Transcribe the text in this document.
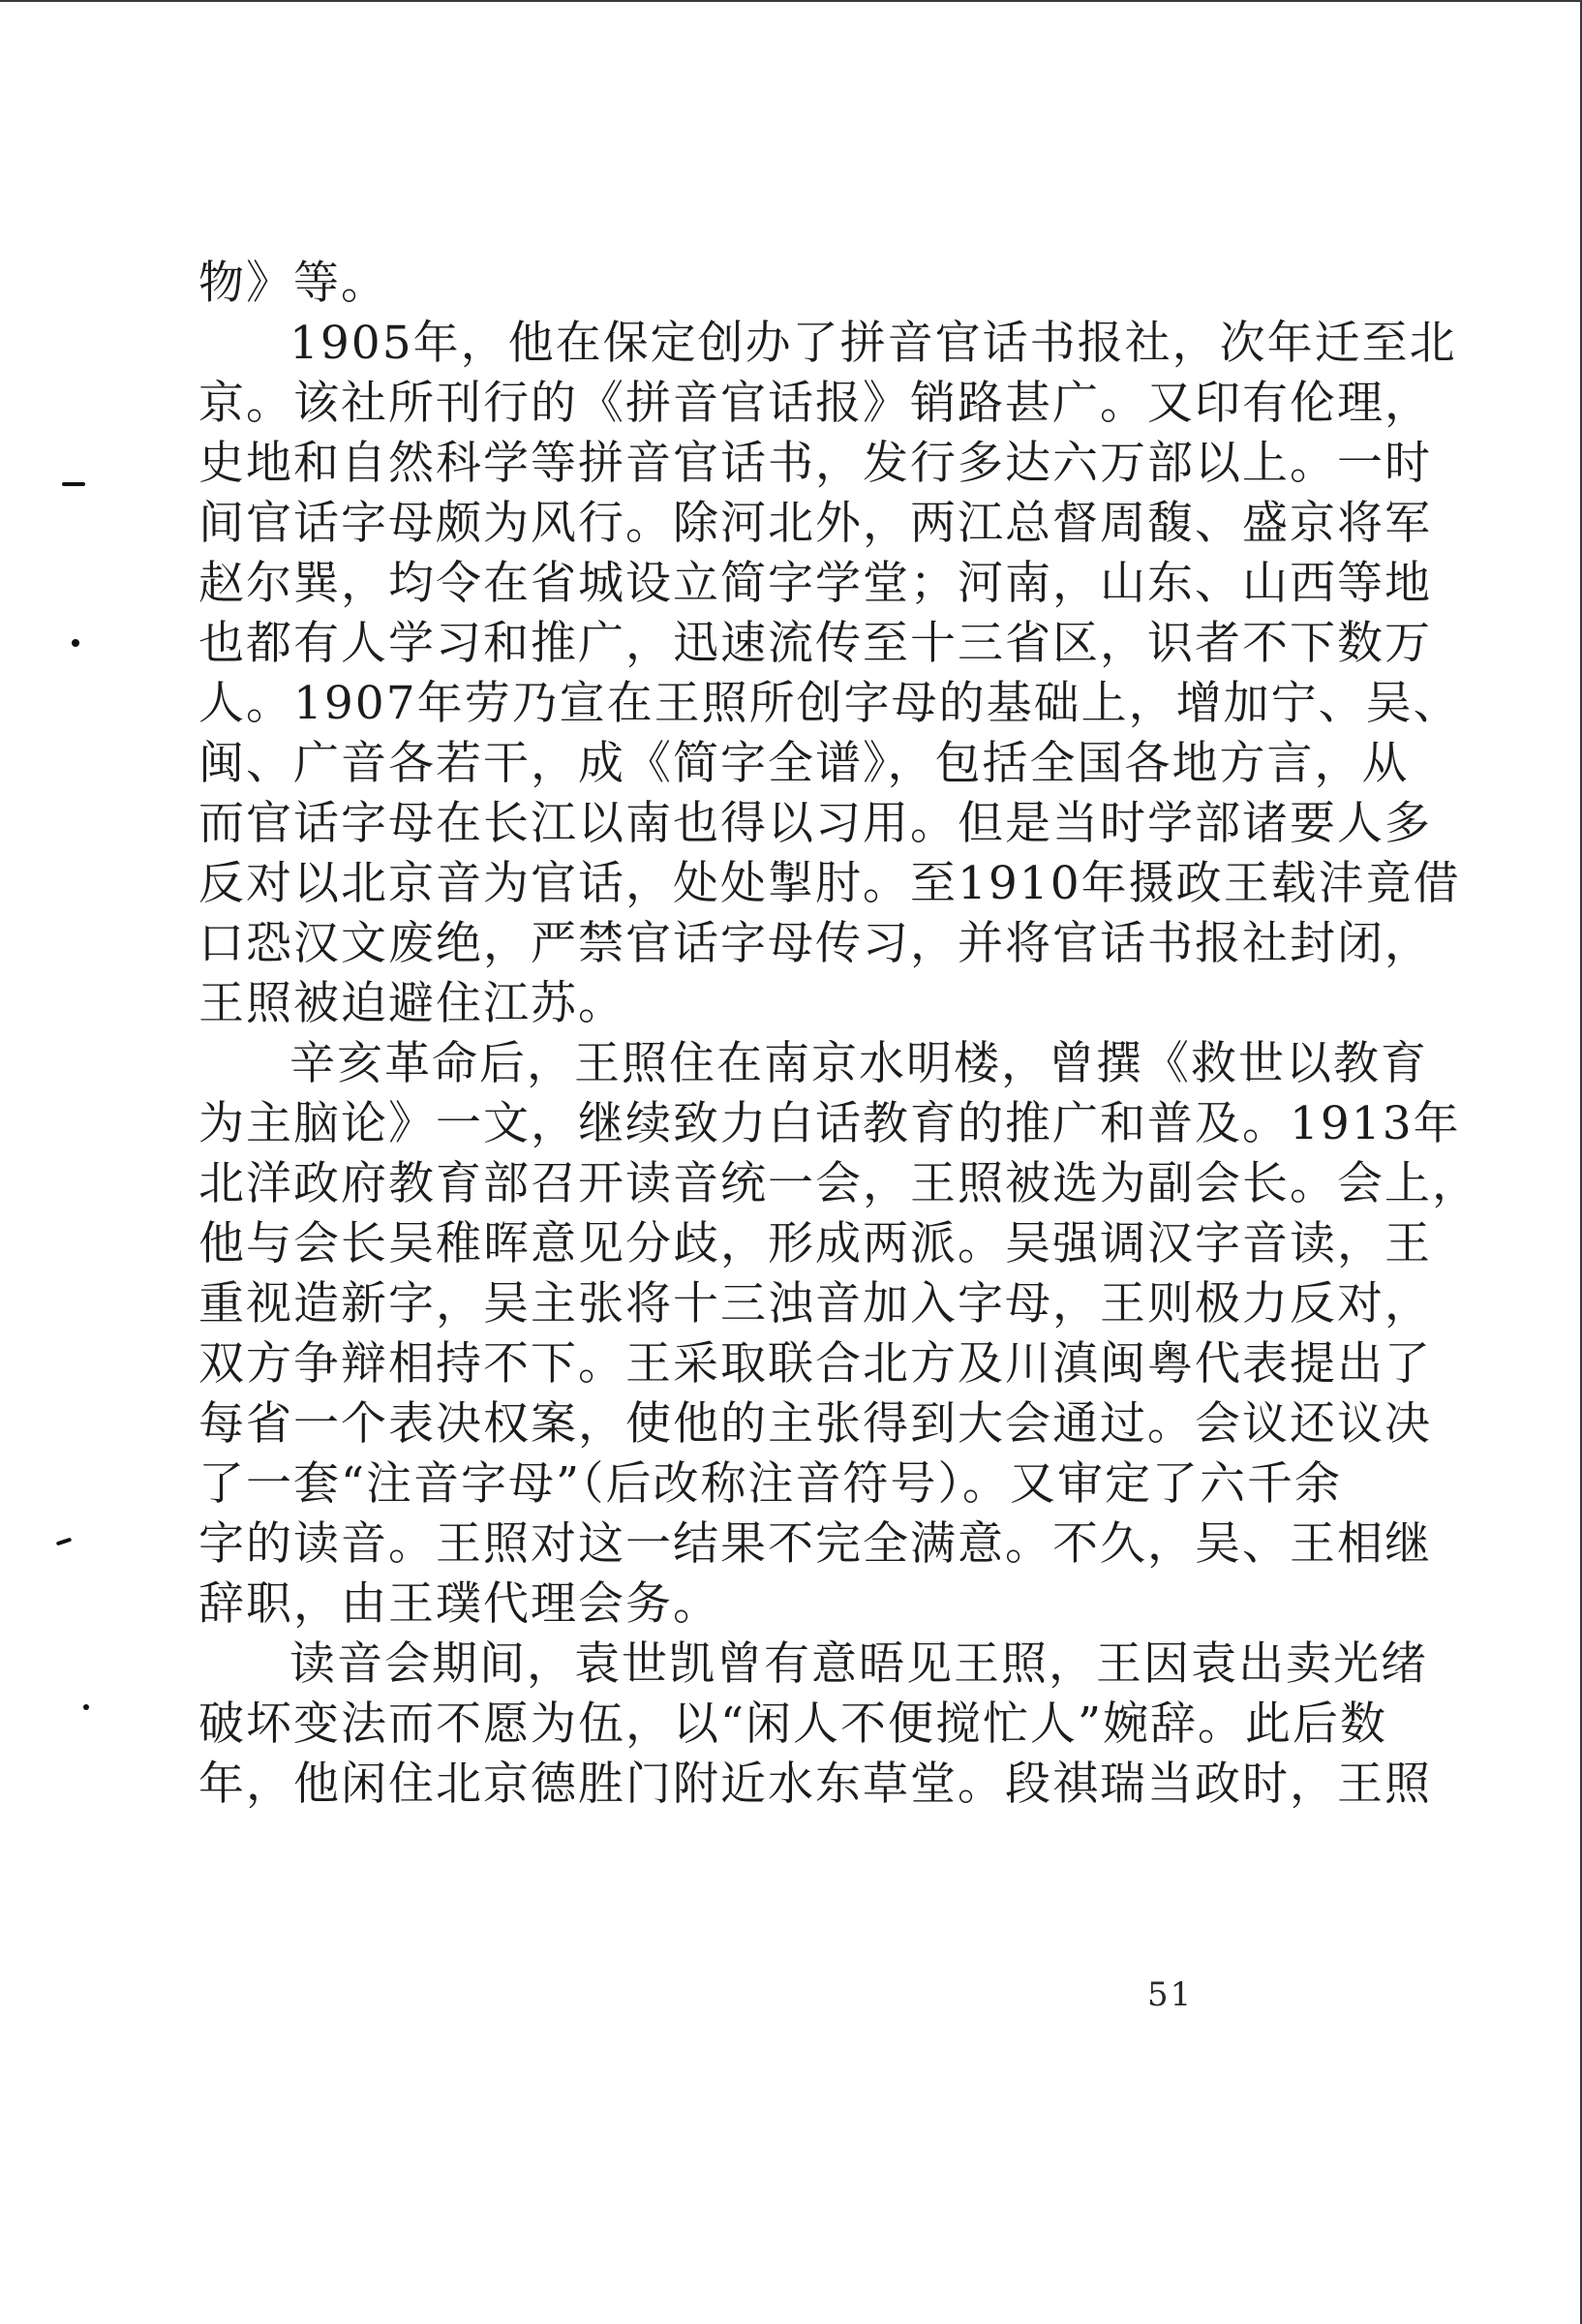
物》等。
1905年，他在保定创办了拼音官话书报社，次年迁至北
京。该社所刊行的《拼音官话报》销路甚广。又印有伦理，
史地和自然科学等拼音官话书，发行多达六万部以上。一时
间官话字母颇为风行。除河北外，两江总督周馥、盛京将军
赵尔巽，均令在省城设立简字学堂；河南，山东、山西等地
也都有人学习和推广，迅速流传至十三省区，识者不下数万
人。1907年劳乃宣在王照所创字母的基础上，增加宁、吴、
闽、广音各若干，成《简字全谱》，包括全国各地方言，从
而官话字母在长江以南也得以习用。但是当时学部诸要人多
反对以北京音为官话，处处掣肘。至1910年摄政王载沣竟借
口恐汉文废绝，严禁官话字母传习，并将官话书报社封闭，
王照被迫避住江苏。
辛亥革命后，王照住在南京水明楼，曾撰《救世以教育
为主脑论》一文，继续致力白话教育的推广和普及。1913年
北洋政府教育部召开读音统一会，王照被选为副会长。会上，
他与会长吴稚晖意见分歧，形成两派。吴强调汉字音读，王
重视造新字，吴主张将十三浊音加入字母，王则极力反对，
双方争辩相持不下。王采取联合北方及川滇闽粤代表提出了
每省一个表决权案，使他的主张得到大会通过。会议还议决
了一套“注音字母”（后改称注音符号）。又审定了六千余
字的读音。王照对这一结果不完全满意。不久，吴、王相继
辞职，由王璞代理会务。
读音会期间，袁世凯曾有意晤见王照，王因袁出卖光绪
破坏变法而不愿为伍，以“闲人不便搅忙人”婉辞。此后数
年，他闲住北京德胜门附近水东草堂。段祺瑞当政时，王照
51
